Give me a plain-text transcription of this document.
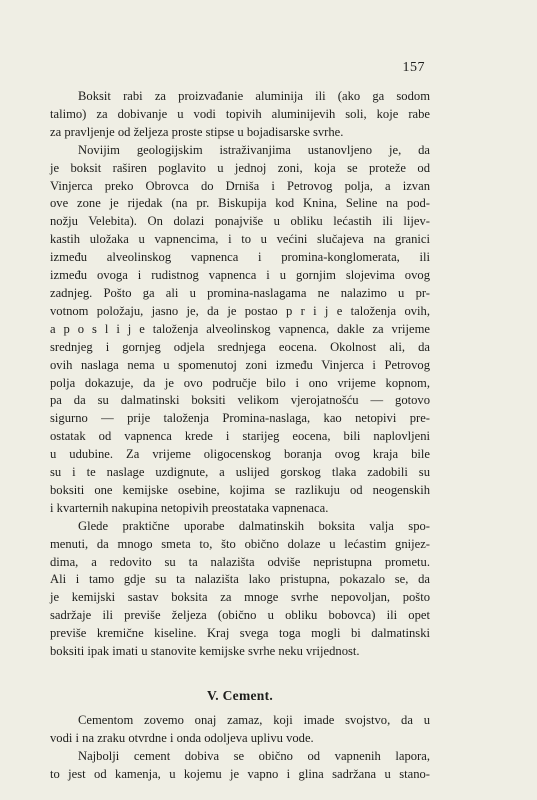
157
Boksit rabi za proizvađanie aluminija ili (ako ga sodom
talimo) za dobivanje u vodi topivih aluminijevih soli, koje rabe
za pravljenje od željeza proste stipse u bojadisarske svrhe.
Novijim geologijskim istraživanjima ustanovljeno je, da
je boksit raširen poglavito u jednoj zoni, koja se proteže od
Vinjerca preko Obrovca do Drniša i Petrovog polja, a izvan
ove zone je rijedak (na pr. Biskupija kod Knina, Seline na pod-
nožju Velebita). On dolazi ponajviše u obliku lećastih ili lijev-
kastih uložaka u vapnencima, i to u većini slučajeva na granici
između alveolinskog vapnenca i promina-konglomerata, ili
između ovoga i rudistnog vapnenca i u gornjim slojevima ovog
zadnjeg. Pošto ga ali u promina-naslagama ne nalazimo u pr-
votnom položaju, jasno je, da je postao p r i j e taloženja ovih,
a p o s l i j e taloženja alveolinskog vapnenca, dakle za vrijeme
srednjeg i gornjeg odjela srednjega eocena. Okolnost ali, da
ovih naslaga nema u spomenutoj zoni između Vinjerca i Petrovog
polja dokazuje, da je ovo područje bilo i ono vrijeme kopnom,
pa da su dalmatinski boksiti velikom vjerojatnošću — gotovo
sigurno — prije taloženja Promina-naslaga, kao netopivi pre-
ostatak od vapnenca krede i starijeg eocena, bili naplovljeni
u udubine. Za vrijeme oligocenskog boranja ovog kraja bile
su i te naslage uzdignute, a uslijed gorskog tlaka zadobili su
boksiti one kemijske osebine, kojima se razlikuju od neogenskih
i kvarternih nakupina netopivih preostataka vapnenaca.
Glede praktične uporabe dalmatinskih boksita valja spo-
menuti, da mnogo smeta to, što obično dolaze u lećastim gnijez-
dima, a redovito su ta nalazišta odviše nepristupna prometu.
Ali i tamo gdje su ta nalazišta lako pristupna, pokazalo se, da
je kemijski sastav boksita za mnoge svrhe nepovoljan, pošto
sadržaje ili previše željeza (obično u obliku bobovca) ili opet
previše kremične kiseline. Kraj svega toga mogli bi dalmatinski
boksiti ipak imati u stanovite kemijske svrhe neku vrijednost.
V. Cement.
Cementom zovemo onaj zamaz, koji imade svojstvo, da u
vodi i na zraku otvrdne i onda odoljeva uplivu vode.
Najbolji cement dobiva se obično od vapnenih lapora,
to jest od kamenja, u kojemu je vapno i glina sadržana u stano-
